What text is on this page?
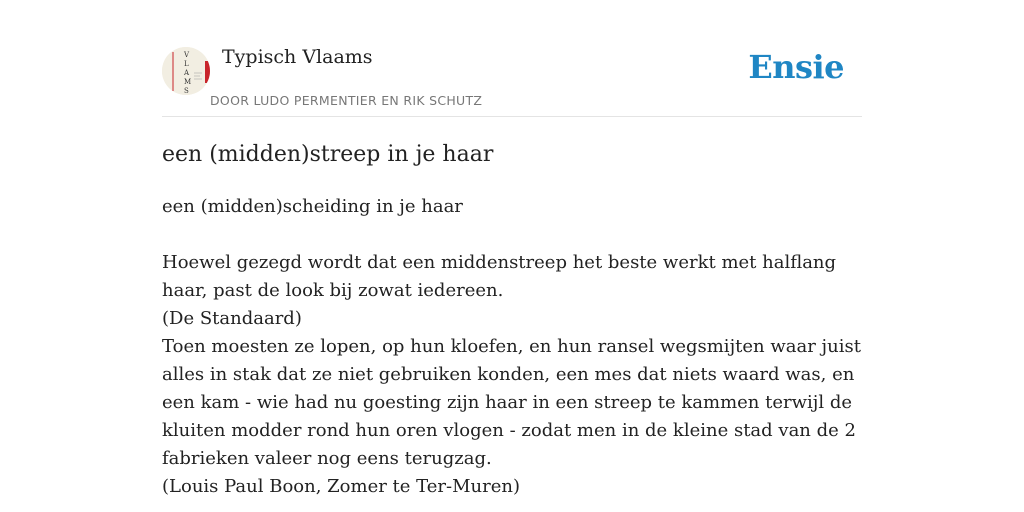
V
L
A
M
S
Typisch Vlaams
DOOR LUDO PERMENTIER EN RIK SCHUTZ
Ensie
een (midden)streep in je haar

een (midden)scheiding in je haar

Hoewel gezegd wordt dat een middenstreep het beste werkt met halflang haar, past de look bij zowat iedereen.

(De Standaard)

Toen moesten ze lopen, op hun kloefen, en hun ransel wegsmijten waar juist alles in stak dat ze niet gebruiken konden, een mes dat niets waard was, en een kam - wie had nu goesting zijn haar in een streep te kammen terwijl de kluiten modder rond hun oren vlogen - zodat men in de kleine stad van de 2 fabrieken valeer nog eens terugzag.

(Louis Paul Boon, Zomer te Ter-Muren)
